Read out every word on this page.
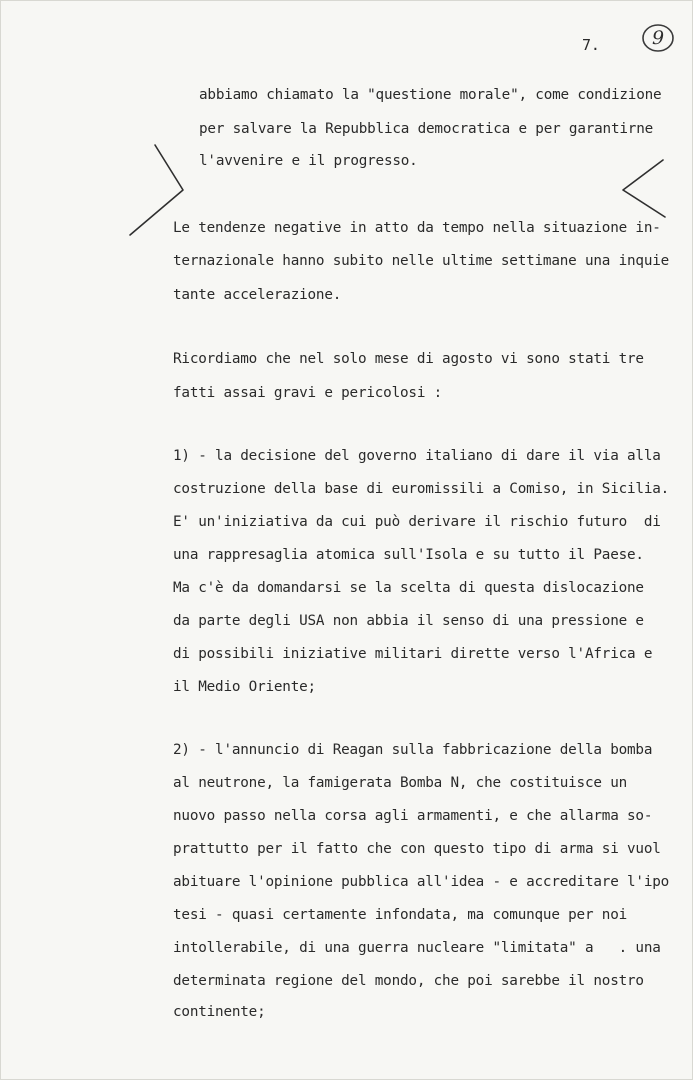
7.	9
abbiamo chiamato la "questione morale", come condizione
per salvare la Repubblica democratica e per garantirne
l'avvenire e il progresso.
Le tendenze negative in atto da tempo nella situazione in-
ternazionale hanno subito nelle ultime settimane una inquie
tante accelerazione.
Ricordiamo che nel solo mese di agosto vi sono stati tre
fatti assai gravi e pericolosi :
1) - la decisione del governo italiano di dare il via alla
costruzione della base di euromissili a Comiso, in Sicilia.
E' un'iniziativa da cui può derivare il rischio futuro  di
una rappresaglia atomica sull'Isola e su tutto il Paese.
Ma c'è da domandarsi se la scelta di questa dislocazione
da parte degli USA non abbia il senso di una pressione e
di possibili iniziative militari dirette verso l'Africa e
il Medio Oriente;
2) - l'annuncio di Reagan sulla fabbricazione della bomba
al neutrone, la famigerata Bomba N, che costituisce un
nuovo passo nella corsa agli armamenti, e che allarma so-
prattutto per il fatto che con questo tipo di arma si vuol
abituare l'opinione pubblica all'idea - e accreditare l'ipo
tesi - quasi certamente infondata, ma comunque per noi
intollerabile, di una guerra nucleare "limitata" a   . una
determinata regione del mondo, che poi sarebbe il nostro
continente;
